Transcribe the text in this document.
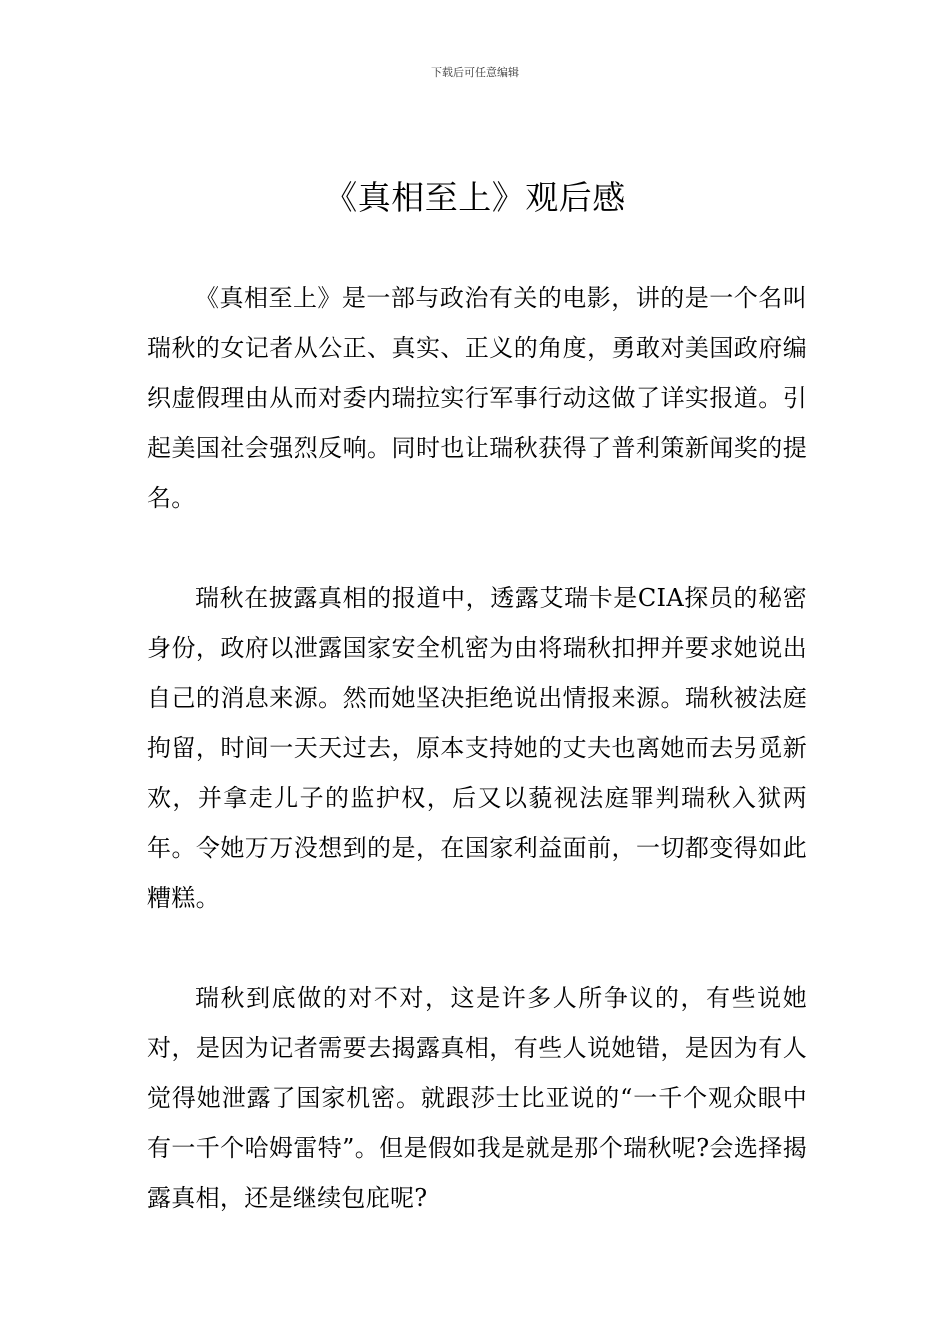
下载后可任意编辑
《真相至上》观后感

《真相至上》是一部与政治有关的电影，讲的是一个名叫瑞秋的女记者从公正、真实、正义的角度，勇敢对美国政府编织虚假理由从而对委内瑞拉实行军事行动这做了详实报道。引起美国社会强烈反响。同时也让瑞秋获得了普利策新闻奖的提名。

瑞秋在披露真相的报道中，透露艾瑞卡是CIA探员的秘密身份，政府以泄露国家安全机密为由将瑞秋扣押并要求她说出自己的消息来源。然而她坚决拒绝说出情报来源。瑞秋被法庭拘留，时间一天天过去，原本支持她的丈夫也离她而去另觅新欢，并拿走儿子的监护权，后又以藐视法庭罪判瑞秋入狱两年。令她万万没想到的是，在国家利益面前，一切都变得如此糟糕。

瑞秋到底做的对不对，这是许多人所争议的，有些说她对，是因为记者需要去揭露真相，有些人说她错，是因为有人觉得她泄露了国家机密。就跟莎士比亚说的“一千个观众眼中有一千个哈姆雷特”。但是假如我是就是那个瑞秋呢?会选择揭露真相，还是继续包庇呢?
